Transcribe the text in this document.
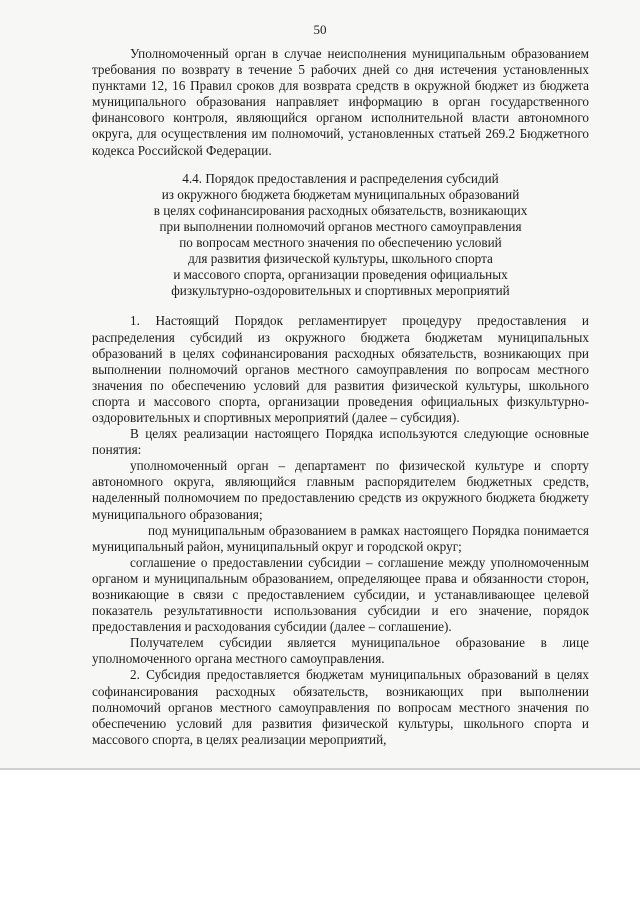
50

Уполномоченный орган в случае неисполнения муниципальным образованием требования по возврату в течение 5 рабочих дней со дня истечения установленных пунктами 12, 16 Правил сроков для возврата средств в окружной бюджет из бюджета муниципального образования направляет информацию в орган государственного финансового контроля, являющийся органом исполнительной власти автономного округа, для осуществления им полномочий, установленных статьей 269.2 Бюджетного кодекса Российской Федерации.

4.4. Порядок предоставления и распределения субсидий
из окружного бюджета бюджетам муниципальных образований
в целях софинансирования расходных обязательств, возникающих
при выполнении полномочий органов местного самоуправления
по вопросам местного значения по обеспечению условий
для развития физической культуры, школьного спорта
и массового спорта, организации проведения официальных
физкультурно-оздоровительных и спортивных мероприятий

1. Настоящий Порядок регламентирует процедуру предоставления и распределения субсидий из окружного бюджета бюджетам муниципальных образований в целях софинансирования расходных обязательств, возникающих при выполнении полномочий органов местного самоуправления по вопросам местного значения по обеспечению условий для развития физической культуры, школьного спорта и массового спорта, организации проведения официальных физкультурно-оздоровительных и спортивных мероприятий (далее – субсидия).

В целях реализации настоящего Порядка используются следующие основные понятия:

уполномоченный орган – департамент по физической культуре и спорту автономного округа, являющийся главным распорядителем бюджетных средств, наделенный полномочием по предоставлению средств из окружного бюджета бюджету муниципального образования;

под муниципальным образованием в рамках настоящего Порядка понимается муниципальный район, муниципальный округ и городской округ;

соглашение о предоставлении субсидии – соглашение между уполномоченным органом и муниципальным образованием, определяющее права и обязанности сторон, возникающие в связи с предоставлением субсидии, и устанавливающее целевой показатель результативности использования субсидии и его значение, порядок предоставления и расходования субсидии (далее – соглашение).

Получателем субсидии является муниципальное образование в лице уполномоченного органа местного самоуправления.

2. Субсидия предоставляется бюджетам муниципальных образований в целях софинансирования расходных обязательств, возникающих при выполнении полномочий органов местного самоуправления по вопросам местного значения по обеспечению условий для развития физической культуры, школьного спорта и массового спорта, в целях реализации мероприятий,
